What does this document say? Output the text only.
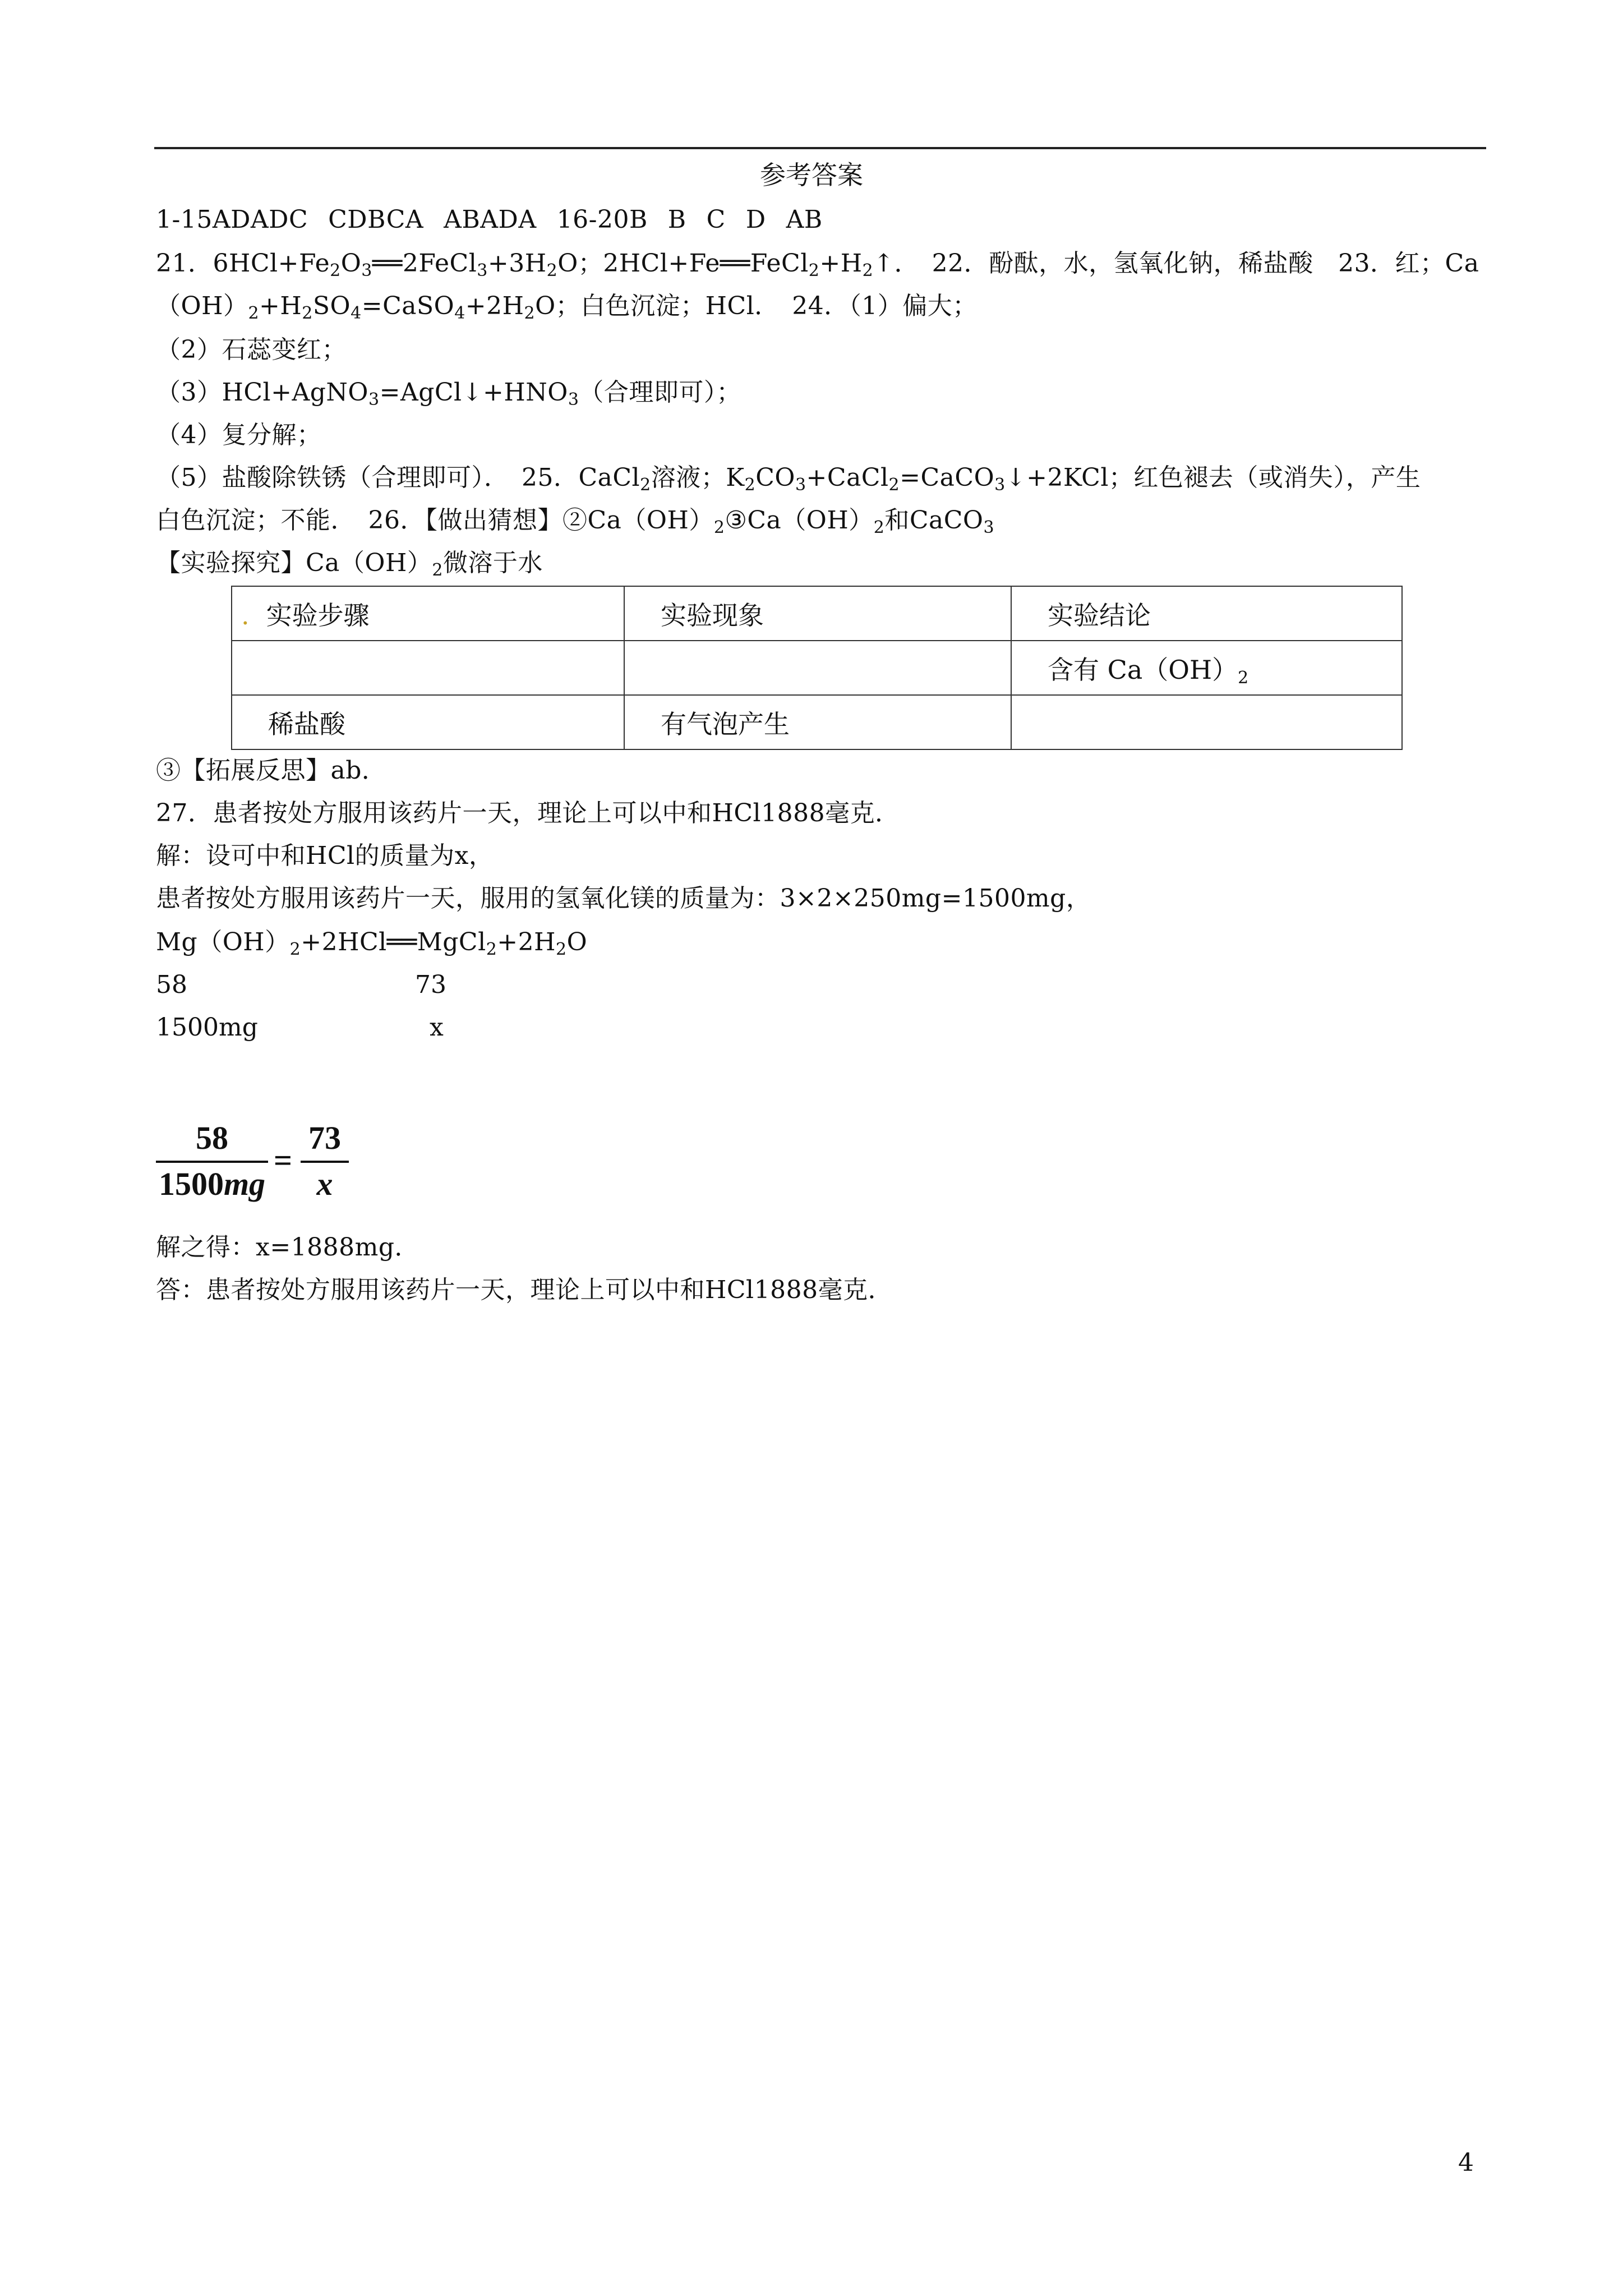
参考答案
1-15ADADC CDBCA ABADA 16-20B B C D AB
21．$6HCl+Fe_2O_3══2FeCl_3+3H_2O$；$2HCl+Fe══FeCl_2+H_2↑$．　22．酚酞，水，氢氧化钠，稀盐酸　23．红；Ca
$(OH)_2+H_2SO_4=CaSO_4+2H_2O$；白色沉淀；HCl．　24．（1）偏大；
（2）石蕊变红；
$(3)HCl+AgNO_3=AgCl↓+HNO_3$（合理即可）；
（4）复分解；
（5）盐酸除铁锈（合理即可）．　25．CaCl$_2$溶液；$K_2CO_3+CaCl_2=CaCO_3↓+2KCl$；红色褪去（或消失），产生
白色沉淀；不能．　26．【做出猜想】$②Ca(OH)_2③Ca(OH)_2$和CaCO$_3$
【实验探究】$Ca(OH)_2$微溶于水
. 实验步骤	实验现象	实验结论
		含有 $Ca(OH)_2$
稀盐酸	有气泡产生	
③【拓展反思】ab．
27．患者按处方服用该药片一天，理论上可以中和HCl1888毫克．
解：设可中和HCl的质量为x，
患者按处方服用该药片一天，服用的氢氧化镁的质量为：3×2×250mg=1500mg，
$Mg(OH)_2+2HCl══MgCl_2+2H_2O$
58	73
1500mg	x
58
1500mg
=
73
x
解之得：x=1888mg．
答：患者按处方服用该药片一天，理论上可以中和HCl1888毫克．
4
